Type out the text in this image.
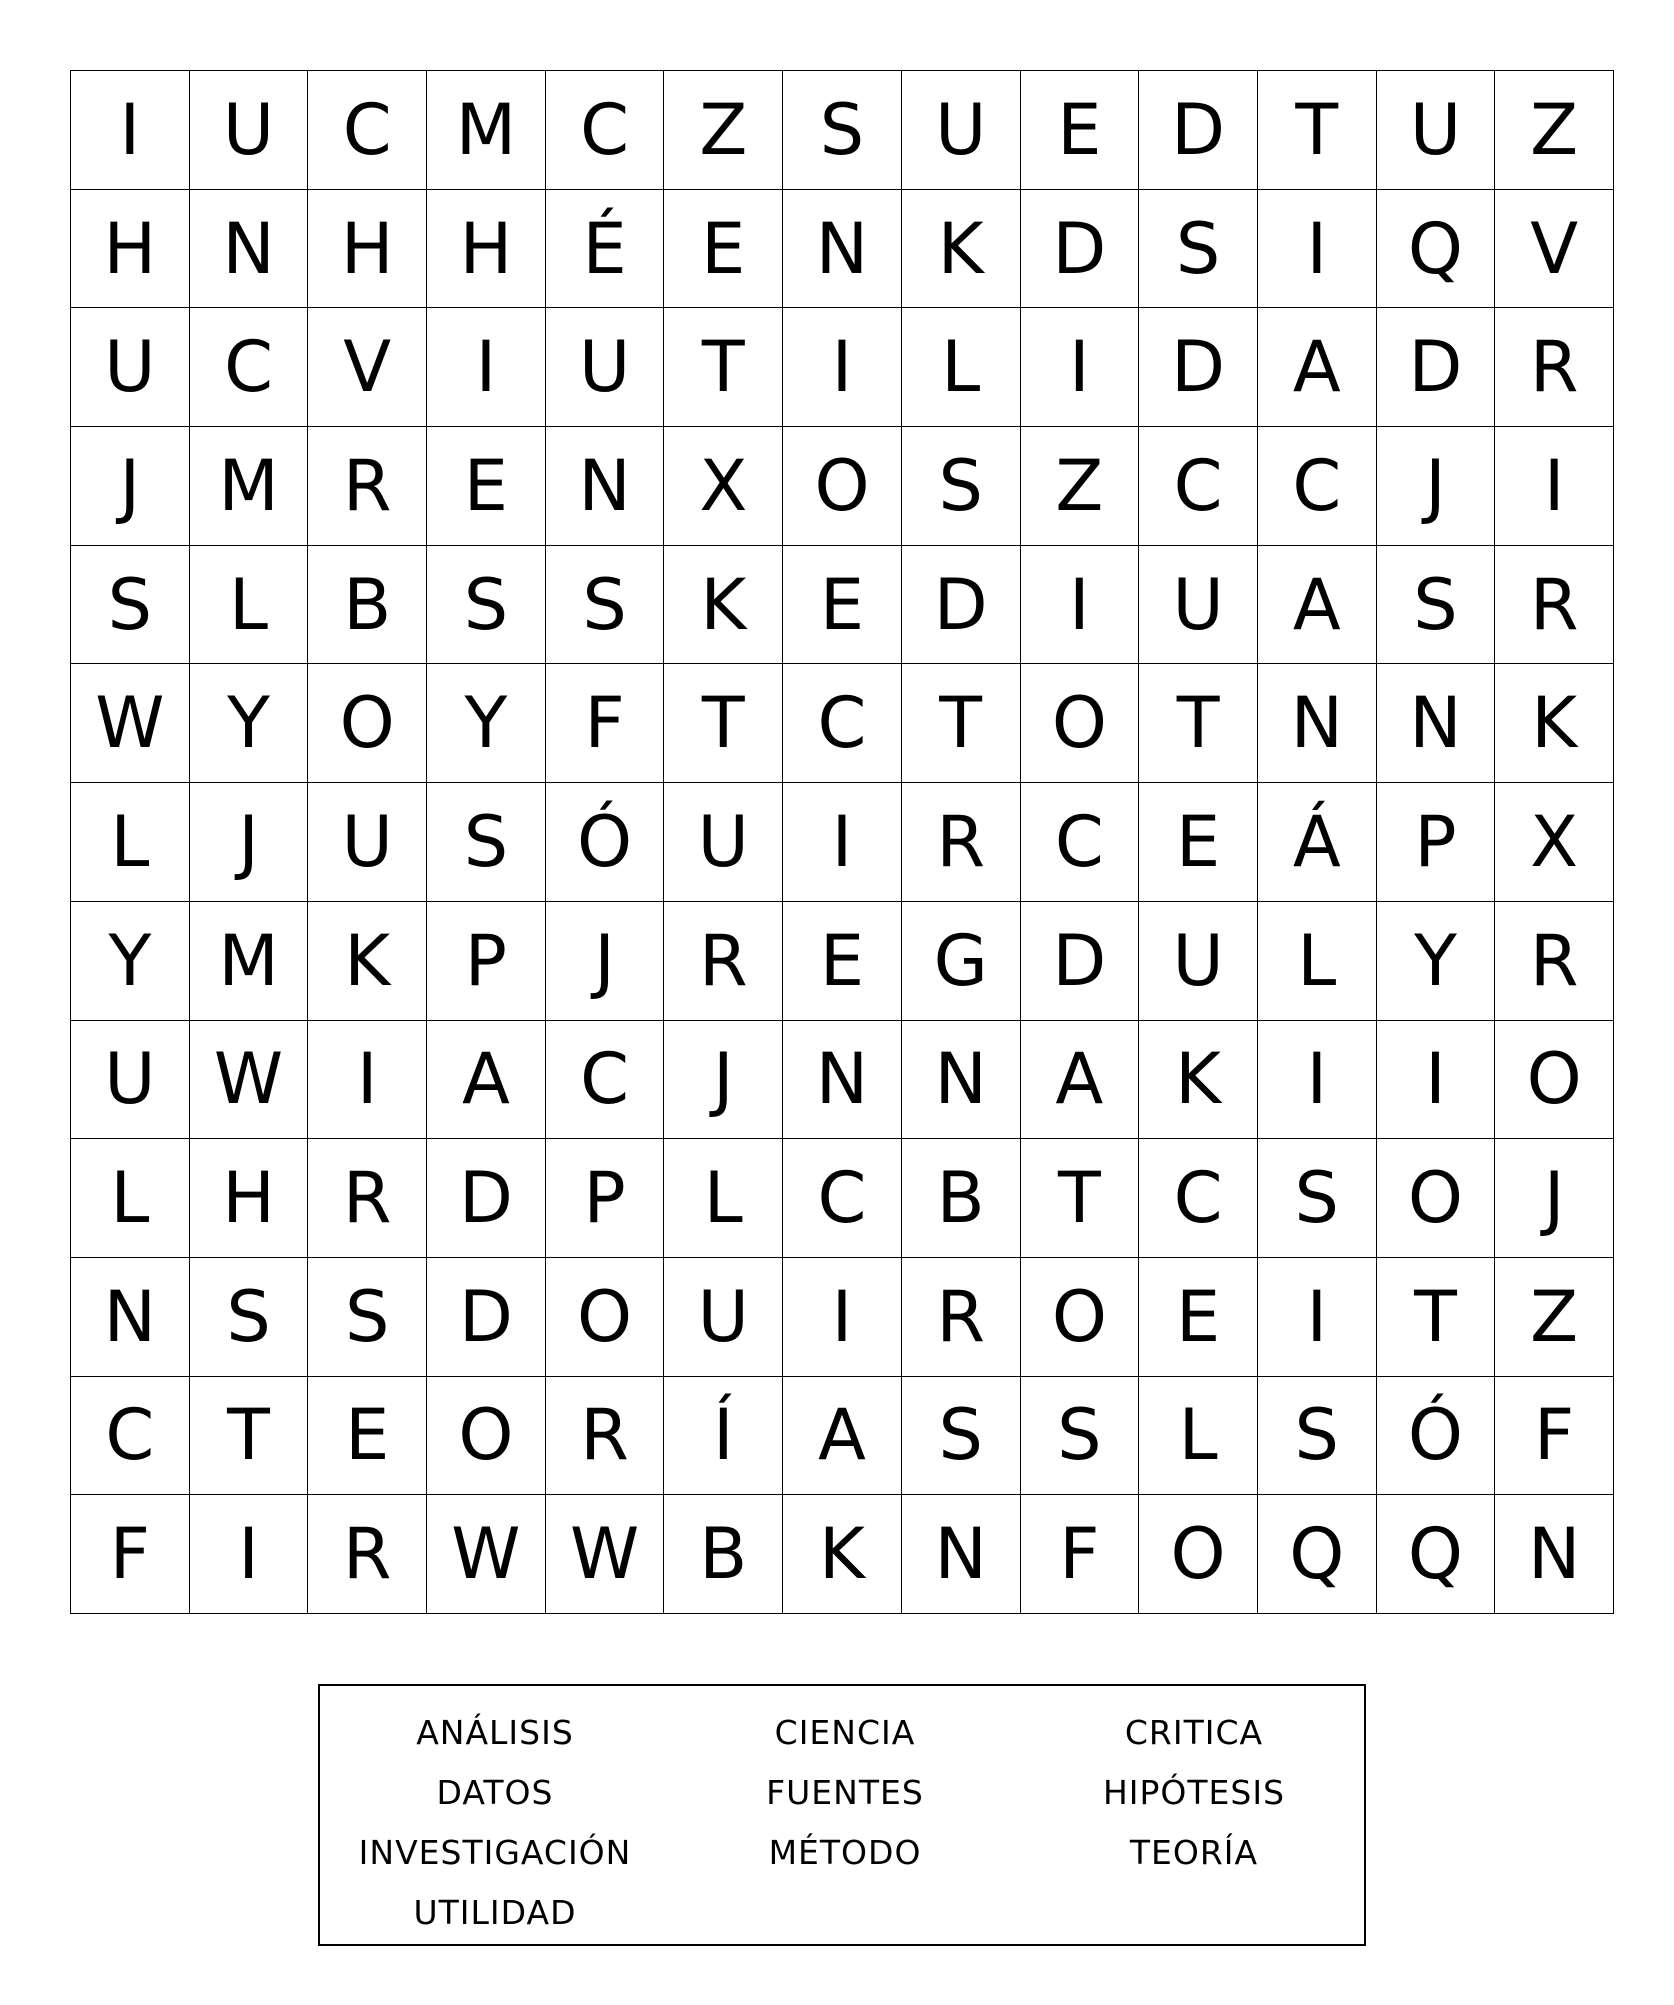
I	U C M C	Z	S	U	E D	T	U Z
H N H H	É	E	N K D S	I	Q V
U C	V	I	U	T	I	L	I	D A D R
J	M R	E	N X O S	Z	C C	J	I
S	L	B	S	S	K	E D	I	U A	S	R
W Y O Y	F	T	C	T O T	N N K
L	J	U	S Ó U	I	R C	E	Á	P	X
Y M K	P	J	R	E G D U	L	Y	R
U W	I	A	C	J	N N A	K	I	I	O
L	H R D	P	L	C	B	T	C	S O	J
N	S	S D O U	I	R O E	I	T	Z
C	T	E O R	Í	A	S	S	L	S Ó	F
F	I	R W W B	K N	F	O Q Q N
ANÁLISIS	CIENCIA	CRITICA
DATOS	FUENTES	HIPÓTESIS
INVESTIGACIÓN	MÉTODO	TEORÍA
UTILIDAD
